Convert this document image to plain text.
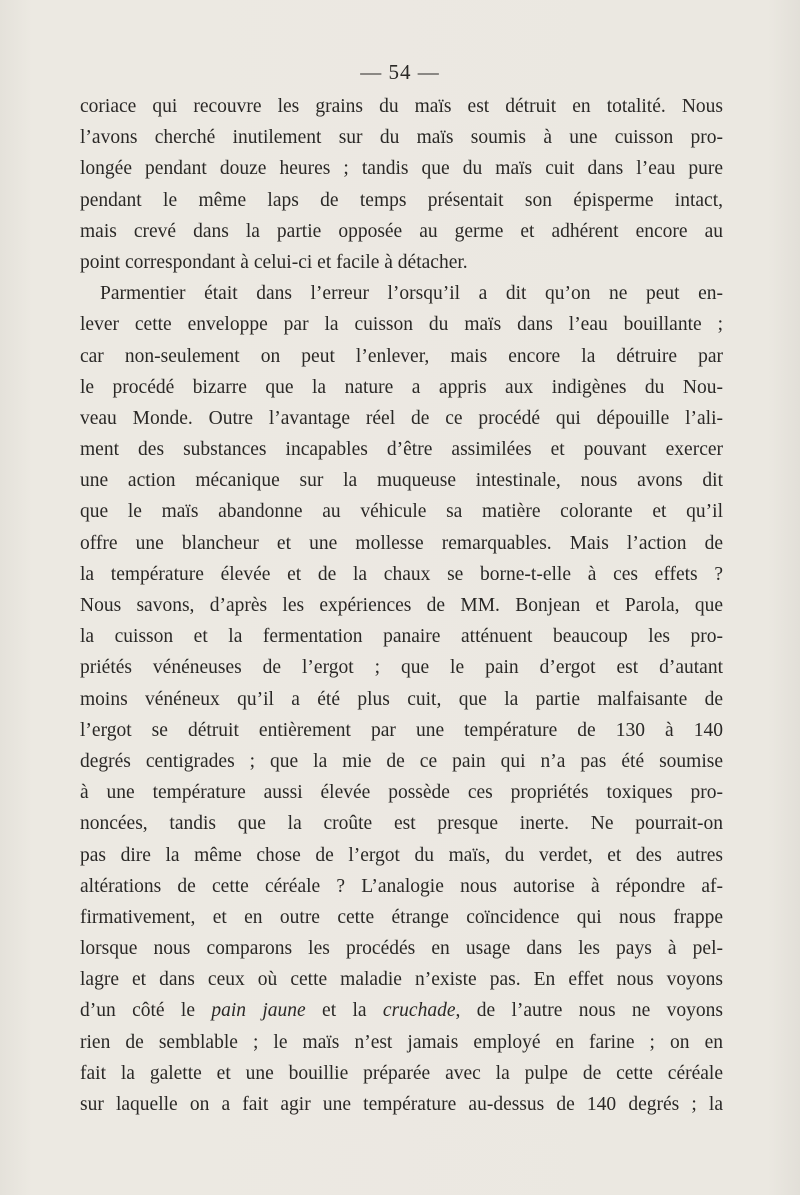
— 54 —
coriace qui recouvre les grains du maïs est détruit en totalité. Nous
l’avons cherché inutilement sur du maïs soumis à une cuisson pro-
longée pendant douze heures ; tandis que du maïs cuit dans l’eau pure
pendant le même laps de temps présentait son épisperme intact,
mais crevé dans la partie opposée au germe et adhérent encore au
point correspondant à celui-ci et facile à détacher.
Parmentier était dans l’erreur l’orsqu’il a dit qu’on ne peut en-
lever cette enveloppe par la cuisson du maïs dans l’eau bouillante ;
car non-seulement on peut l’enlever, mais encore la détruire par
le procédé bizarre que la nature a appris aux indigènes du Nou-
veau Monde. Outre l’avantage réel de ce procédé qui dépouille l’ali-
ment des substances incapables d’être assimilées et pouvant exercer
une action mécanique sur la muqueuse intestinale, nous avons dit
que le maïs abandonne au véhicule sa matière colorante et qu’il
offre une blancheur et une mollesse remarquables. Mais l’action de
la température élevée et de la chaux se borne-t-elle à ces effets ?
Nous savons, d’après les expériences de MM. Bonjean et Parola, que
la cuisson et la fermentation panaire atténuent beaucoup les pro-
priétés vénéneuses de l’ergot ; que le pain d’ergot est d’autant
moins vénéneux qu’il a été plus cuit, que la partie malfaisante de
l’ergot se détruit entièrement par une température de 130 à 140
degrés centigrades ; que la mie de ce pain qui n’a pas été soumise
à une température aussi élevée possède ces propriétés toxiques pro-
noncées, tandis que la croûte est presque inerte. Ne pourrait-on
pas dire la même chose de l’ergot du maïs, du verdet, et des autres
altérations de cette céréale ? L’analogie nous autorise à répondre af-
firmativement, et en outre cette étrange coïncidence qui nous frappe
lorsque nous comparons les procédés en usage dans les pays à pel-
lagre et dans ceux où cette maladie n’existe pas. En effet nous voyons
d’un côté le pain jaune et la cruchade, de l’autre nous ne voyons
rien de semblable ; le maïs n’est jamais employé en farine ; on en
fait la galette et une bouillie préparée avec la pulpe de cette céréale
sur laquelle on a fait agir une température au-dessus de 140 degrés ; la
